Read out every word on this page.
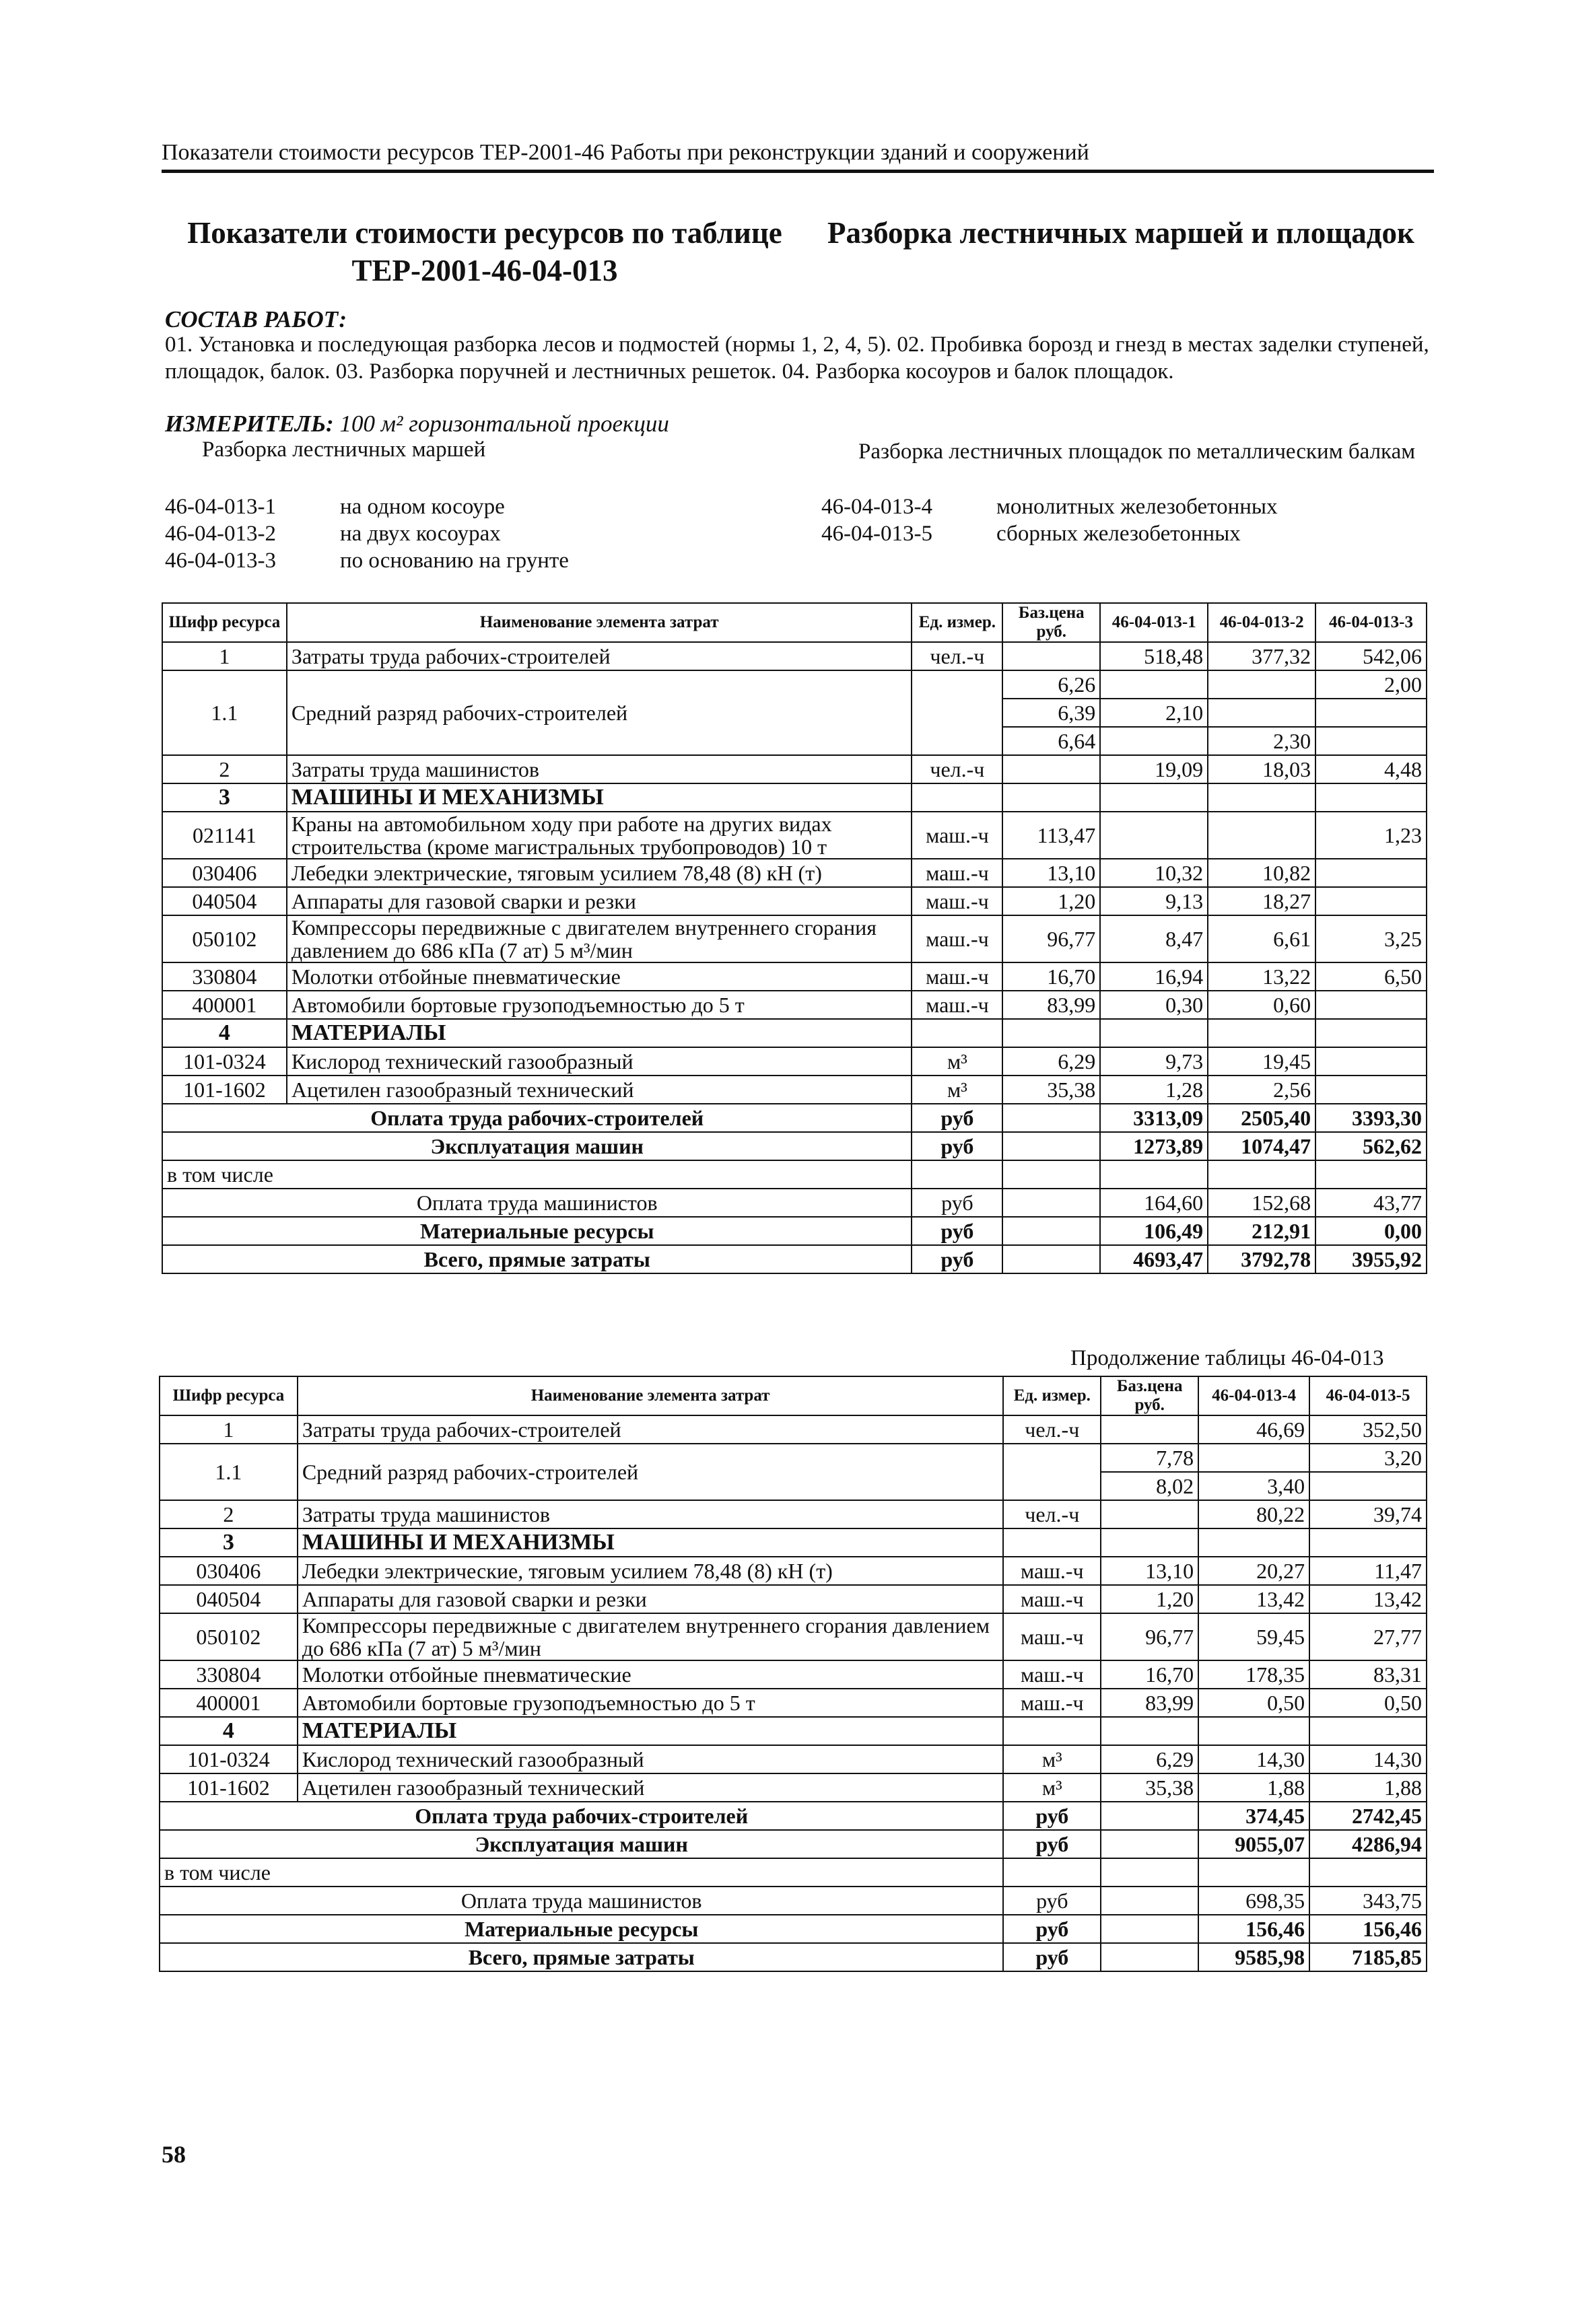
Показатели стоимости ресурсов ТЕР-2001-46 Работы при реконструкции зданий и сооружений
Показатели стоимости ресурсов по таблице ТЕР-2001-46-04-013
Разборка лестничных маршей и площадок
СОСТАВ РАБОТ:
01. Установка и последующая разборка лесов и подмостей (нормы 1, 2, 4, 5). 02. Пробивка борозд и гнезд в местах заделки ступеней, площадок, балок. 03. Разборка поручней и лестничных решеток. 04. Разборка косоуров и балок площадок.
ИЗМЕРИТЕЛЬ: 100 м² горизонтальной проекции
Разборка лестничных маршей	Разборка лестничных площадок по металлическим балкам
46-04-013-1	на одном косоуре
46-04-013-2	на двух косоурах
46-04-013-3	по основанию на грунте
46-04-013-4	монолитных железобетонных
46-04-013-5	сборных железобетонных
Шифр ресурса	Наименование элемента затрат	Ед. измер.	Баз.цена руб.	46-04-013-1	46-04-013-2	46-04-013-3
1	Затраты труда рабочих-строителей	чел.-ч		518,48	377,32	542,06
1.1	Средний разряд рабочих-строителей		6,26			2,00
			6,39	2,10		
			6,64		2,30	
2	Затраты труда машинистов	чел.-ч		19,09	18,03	4,48
3	МАШИНЫ И МЕХАНИЗМЫ					
021141	Краны на автомобильном ходу при работе на других видах строительства (кроме магистральных трубопроводов) 10 т	маш.-ч	113,47			1,23
030406	Лебедки электрические, тяговым усилием 78,48 (8) кН (т)	маш.-ч	13,10	10,32	10,82	
040504	Аппараты для газовой сварки и резки	маш.-ч	1,20	9,13	18,27	
050102	Компрессоры передвижные с двигателем внутреннего сгорания давлением до 686 кПа (7 ат) 5 м³/мин	маш.-ч	96,77	8,47	6,61	3,25
330804	Молотки отбойные пневматические	маш.-ч	16,70	16,94	13,22	6,50
400001	Автомобили бортовые грузоподъемностью до 5 т	маш.-ч	83,99	0,30	0,60	
4	МАТЕРИАЛЫ					
101-0324	Кислород технический газообразный	м³	6,29	9,73	19,45	
101-1602	Ацетилен газообразный технический	м³	35,38	1,28	2,56	
Оплата труда рабочих-строителей		руб		3313,09	2505,40	3393,30
Эксплуатация машин		руб		1273,89	1074,47	562,62
в том числе						
Оплата труда машинистов		руб		164,60	152,68	43,77
Материальные ресурсы		руб		106,49	212,91	0,00
Всего, прямые затраты		руб		4693,47	3792,78	3955,92
Продолжение таблицы 46-04-013
Шифр ресурса	Наименование элемента затрат	Ед. измер.	Баз.цена руб.	46-04-013-4	46-04-013-5
1	Затраты труда рабочих-строителей	чел.-ч		46,69	352,50
1.1	Средний разряд рабочих-строителей		7,78		3,20
			8,02	3,40	
2	Затраты труда машинистов	чел.-ч		80,22	39,74
3	МАШИНЫ И МЕХАНИЗМЫ				
030406	Лебедки электрические, тяговым усилием 78,48 (8) кН (т)	маш.-ч	13,10	20,27	11,47
040504	Аппараты для газовой сварки и резки	маш.-ч	1,20	13,42	13,42
050102	Компрессоры передвижные с двигателем внутреннего сгорания давлением до 686 кПа (7 ат) 5 м³/мин	маш.-ч	96,77	59,45	27,77
330804	Молотки отбойные пневматические	маш.-ч	16,70	178,35	83,31
400001	Автомобили бортовые грузоподъемностью до 5 т	маш.-ч	83,99	0,50	0,50
4	МАТЕРИАЛЫ				
101-0324	Кислород технический газообразный	м³	6,29	14,30	14,30
101-1602	Ацетилен газообразный технический	м³	35,38	1,88	1,88
Оплата труда рабочих-строителей		руб		374,45	2742,45
Эксплуатация машин		руб		9055,07	4286,94
в том числе					
Оплата труда машинистов		руб		698,35	343,75
Материальные ресурсы		руб		156,46	156,46
Всего, прямые затраты		руб		9585,98	7185,85
58
